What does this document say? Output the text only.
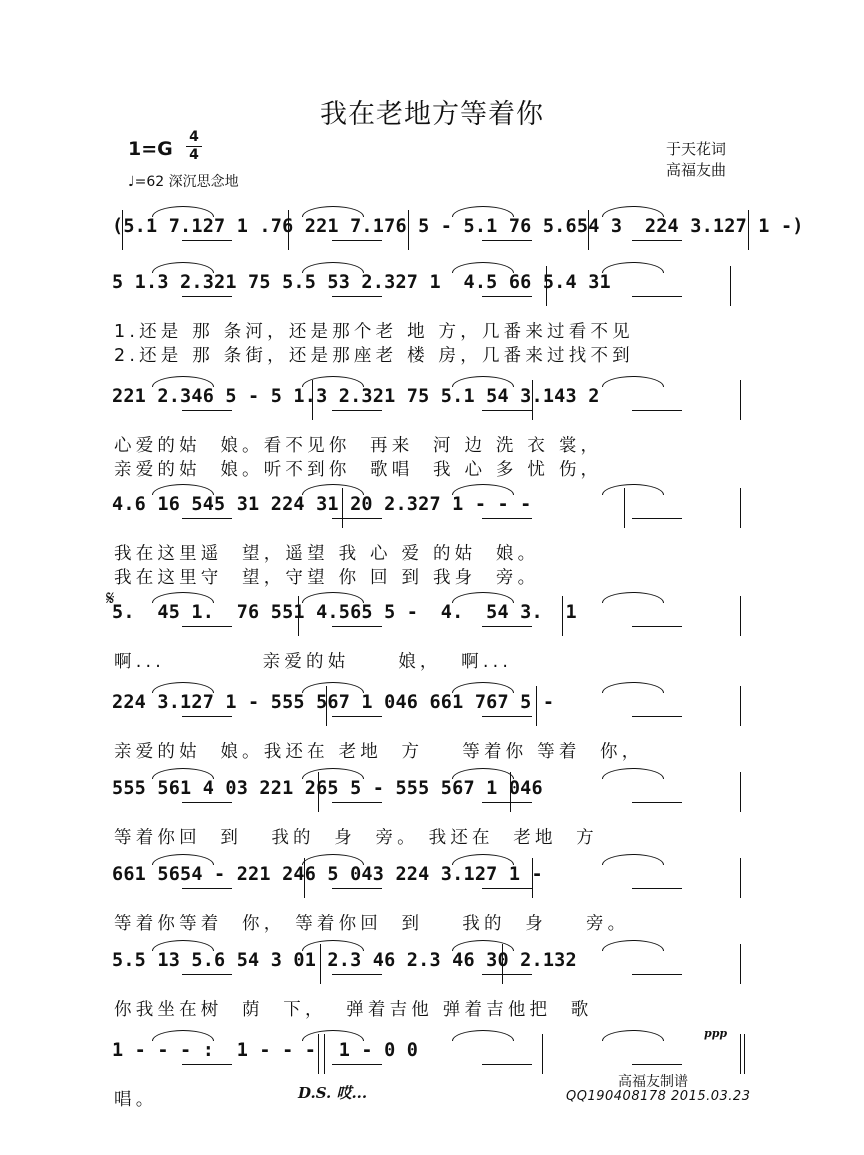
我在老地方等着你
1=G
4
4
♩=62 深沉思念地
于天花词
高福友曲
𝄋
(5.1 7.127 1 .76 221 7.176 5 - 5.1 76 5.654 3  224 3.127 1 -)
5 1.3 2.321 75 5.5 53 2.327 1  4.5 66 5.4 31
1.还是 那 条河，还是那个老 地 方，几番来过看不见
2.还是 那 条街，还是那座老 楼 房，几番来过找不到
221 2.346 5 - 5 1.3 2.321 75 5.1 54 3.143 2
心爱的姑  娘。看不见你  再来  河 边 洗 衣 裳，
亲爱的姑  娘。听不到你  歌唱  我 心 多 忧 伤，
4.6 16 545 31 224 31 20 2.327 1 - - -
我在这里遥  望，遥望 我 心 爱 的姑  娘。
我在这里守  望，守望 你 回 到 我身  旁。
5.  45 1.  76 551 4.565 5 -  4.  54 3.  1
啊...          亲爱的姑     娘，  啊...
224 3.127 1 - 555 567 1 046 661 767 5 -
亲爱的姑  娘。我还在 老地  方    等着你 等着  你，
555 561 4 03 221 265 5 - 555 567 1 046
等着你回  到   我的  身  旁。 我还在  老地  方
661 5654 - 221 246 5 043 224 3.127 1 -
等着你等着  你， 等着你回  到    我的  身    旁。
5.5 13 5.6 54 3 01 2.3 46 2.3 46 30 2.132
你我坐在树  荫  下，  弹着吉他 弹着吉他把  歌
1 - - - :  1 - - -  1 - 0 0
唱。
ppp
D.S. 哎...
高福友制谱
QQ190408178 2015.03.23
